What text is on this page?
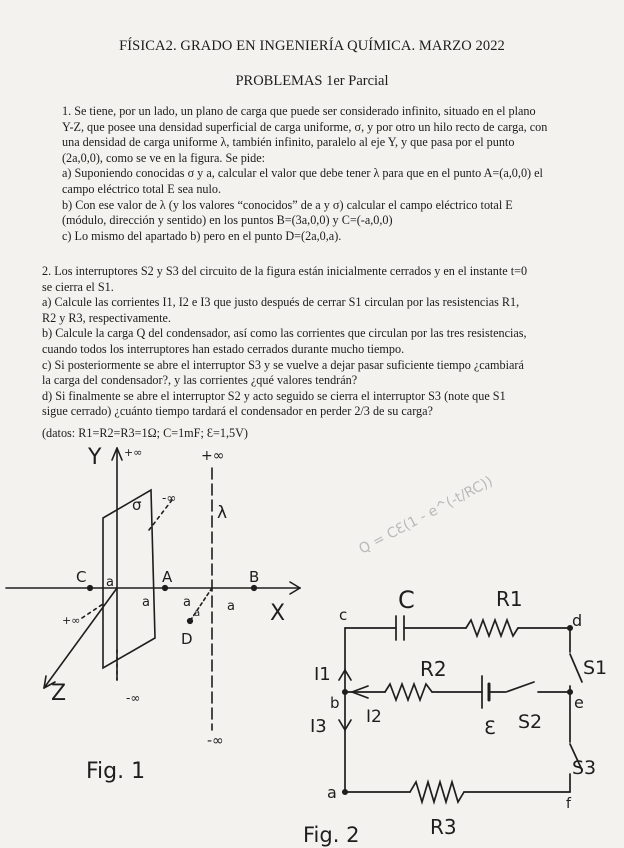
FÍSICA2. GRADO EN INGENIERÍA QUÍMICA. MARZO 2022
PROBLEMAS 1er Parcial
1. Se tiene, por un lado, un plano de carga que puede ser considerado infinito, situado en el plano
Y-Z, que posee una densidad superficial de carga uniforme, σ, y por otro un hilo recto de carga, con
una densidad de carga uniforme λ, también infinito, paralelo al eje Y, y que pasa por el punto
(2a,0,0), como se ve en la figura. Se pide:
a) Suponiendo conocidas σ y a, calcular el valor que debe tener λ para que en el punto A=(a,0,0) el
campo eléctrico total E sea nulo.
b) Con ese valor de λ (y los valores “conocidos” de a y σ) calcular el campo eléctrico total E
(módulo, dirección y sentido) en los puntos B=(3a,0,0) y C=(-a,0,0)
c) Lo mismo del apartado b) pero en el punto D=(2a,0,a).
2. Los interruptores S2 y S3 del circuito de la figura están inicialmente cerrados y en el instante t=0
se cierra el S1.
a) Calcule las corrientes I1, I2 e I3 que justo después de cerrar S1 circulan por las resistencias R1,
R2 y R3, respectivamente.
b) Calcule la carga Q del condensador, así como las corrientes que circulan por las tres resistencias,
cuando todos los interruptores han estado cerrados durante mucho tiempo.
c) Si posteriormente se abre el interruptor S3 y se vuelve a dejar pasar suficiente tiempo ¿cambiará
la carga del condensador?, y las corrientes ¿qué valores tendrán?
d) Si finalmente se abre el interruptor S2 y acto seguido se cierra el interruptor S3 (note que S1
sigue cerrado) ¿cuánto tiempo tardará el condensador en perder 2/3 de su carga?
(datos: R1=R2=R3=1Ω; C=1mF; Ɛ=1,5V)
Y +∞	+∞
λ
σ -∞
+∞
-∞
-∞
C	A	B
D
a
a	a	a
a	X
Z
Fig. 1
Q = CƐ(1 - e^(-t/RC))
C	R1
R2
R3
S1
S2
S3
I1
I2
I3	Ɛ
a
b
c	d
e
f
Fig. 2
